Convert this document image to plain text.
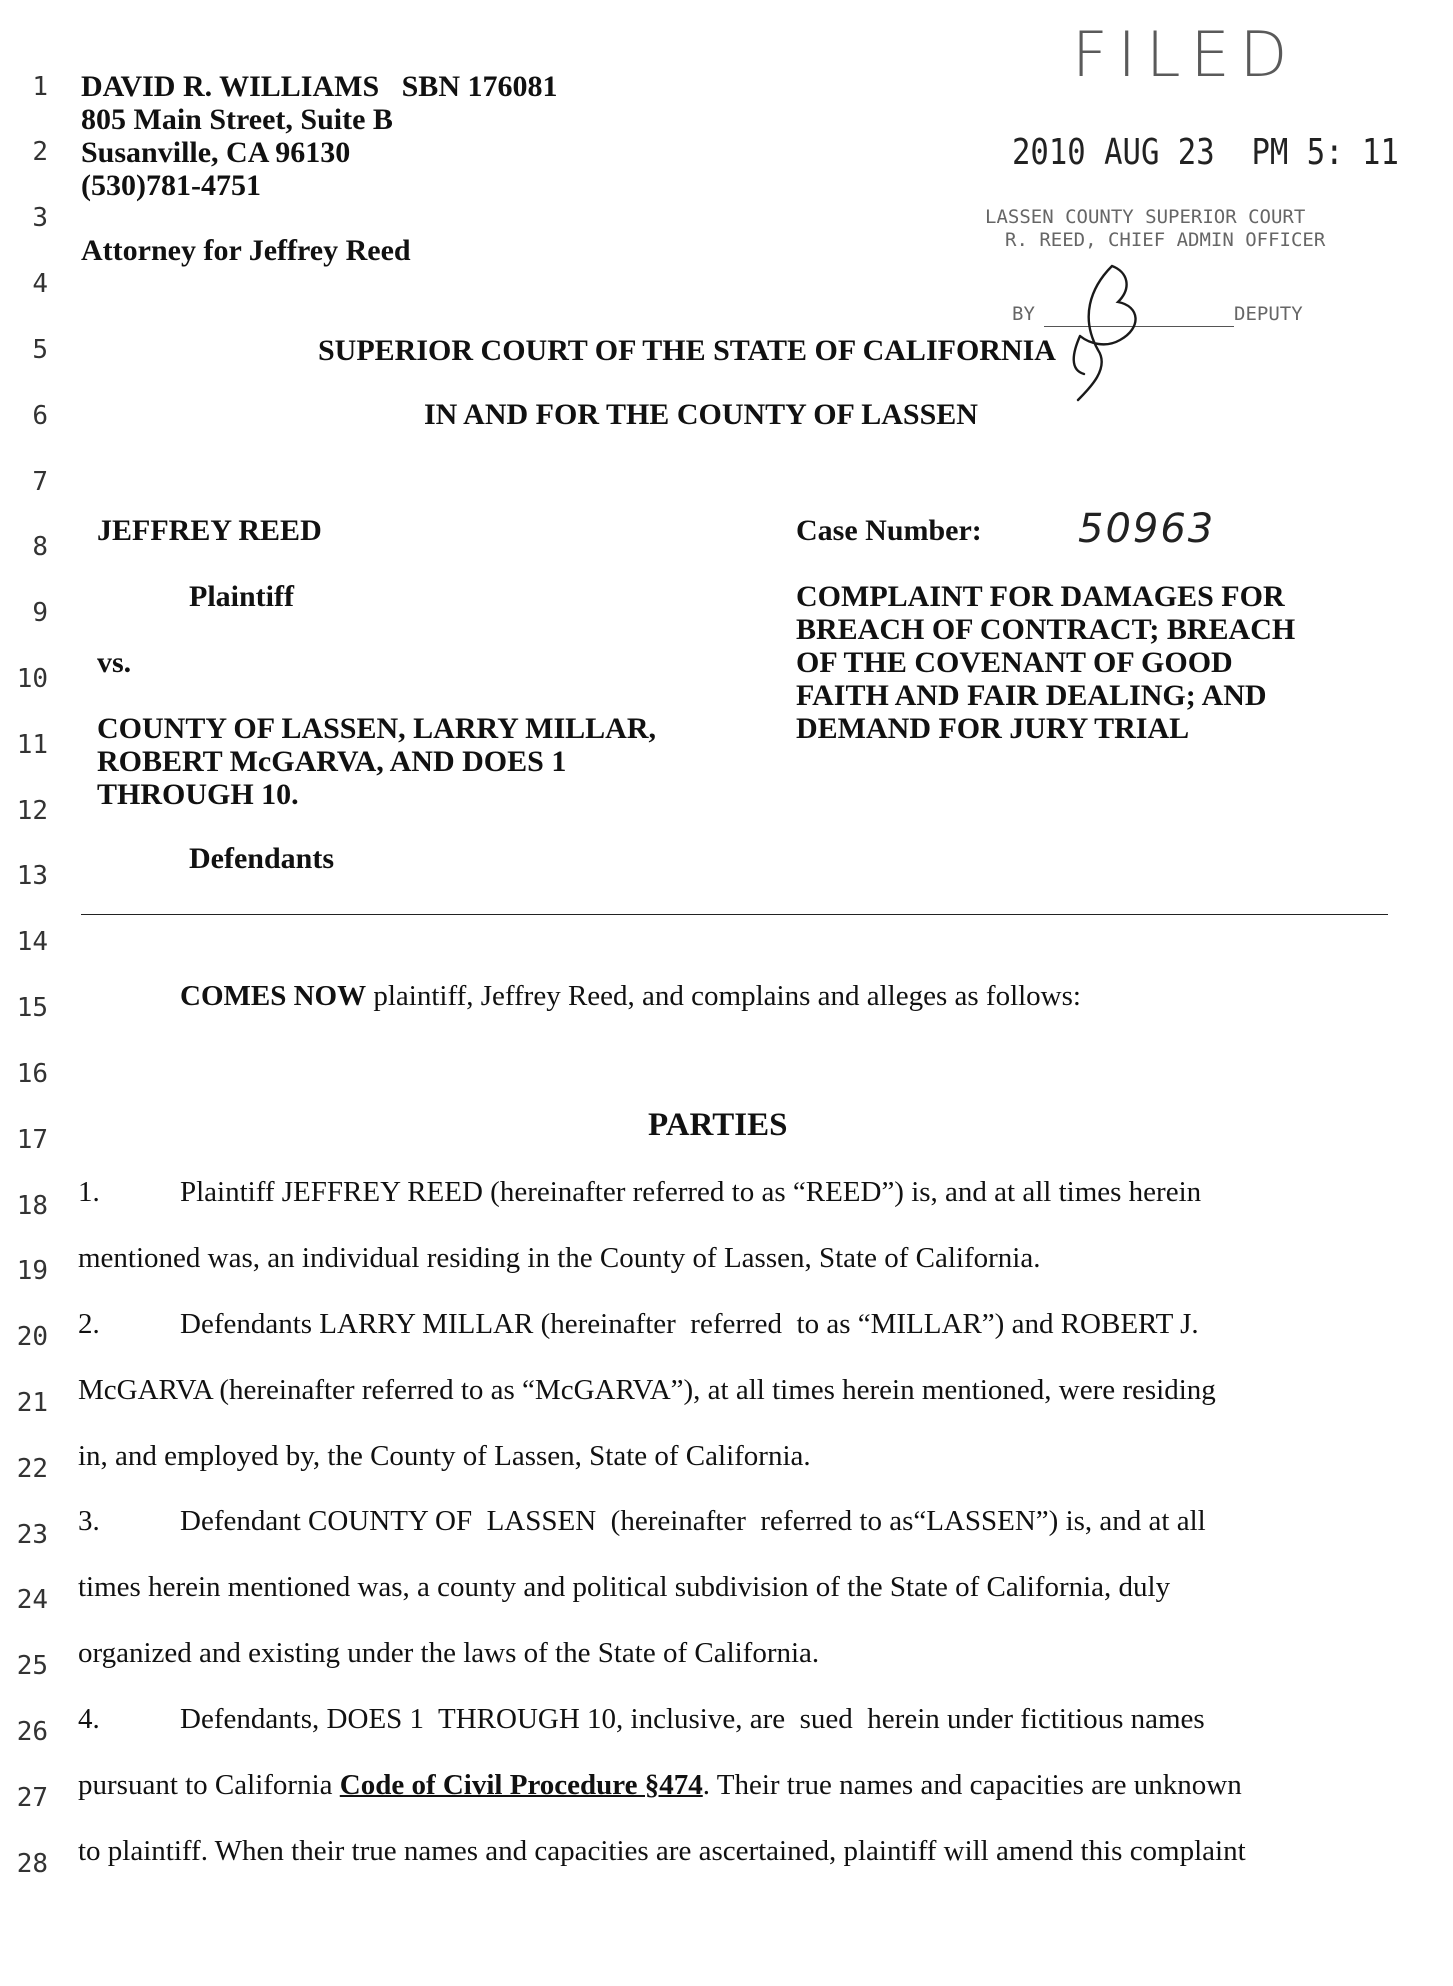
1
2
3
4
5
6
7
8
9
10
11
12
13
14
15
16
17
18
19
20
21
22
23
24
25
26
27
28
DAVID R. WILLIAMS   SBN 176081
805 Main Street, Suite B
Susanville, CA 96130
(530)781-4751
Attorney for Jeffrey Reed
FILED
2010 AUG 23  PM 5: 11
LASSEN COUNTY SUPERIOR COURT
R. REED, CHIEF ADMIN OFFICER
BY	DEPUTY
SUPERIOR COURT OF THE STATE OF CALIFORNIA
IN AND FOR THE COUNTY OF LASSEN
JEFFREY REED
Plaintiff
vs.
COUNTY OF LASSEN, LARRY MILLAR,
ROBERT McGARVA, AND DOES 1
THROUGH 10.
Defendants
Case Number: 50963
COMPLAINT FOR DAMAGES FOR
BREACH OF CONTRACT; BREACH
OF THE COVENANT OF GOOD
FAITH AND FAIR DEALING; AND
DEMAND FOR JURY TRIAL
COMES NOW plaintiff, Jeffrey Reed, and complains and alleges as follows:
PARTIES
1.	Plaintiff JEFFREY REED (hereinafter referred to as “REED”) is, and at all times herein
mentioned was, an individual residing in the County of Lassen, State of California.
2.	Defendants LARRY MILLAR (hereinafter  referred  to as “MILLAR”) and ROBERT J.
McGARVA (hereinafter referred to as “McGARVA”), at all times herein mentioned, were residing
in, and employed by, the County of Lassen, State of California.
3.	Defendant COUNTY OF  LASSEN  (hereinafter  referred to as“LASSEN”) is, and at all
times herein mentioned was, a county and political subdivision of the State of California, duly
organized and existing under the laws of the State of California.
4.	Defendants, DOES 1  THROUGH 10, inclusive, are  sued  herein under fictitious names
pursuant to California Code of Civil Procedure §474. Their true names and capacities are unknown
to plaintiff. When their true names and capacities are ascertained, plaintiff will amend this complaint
